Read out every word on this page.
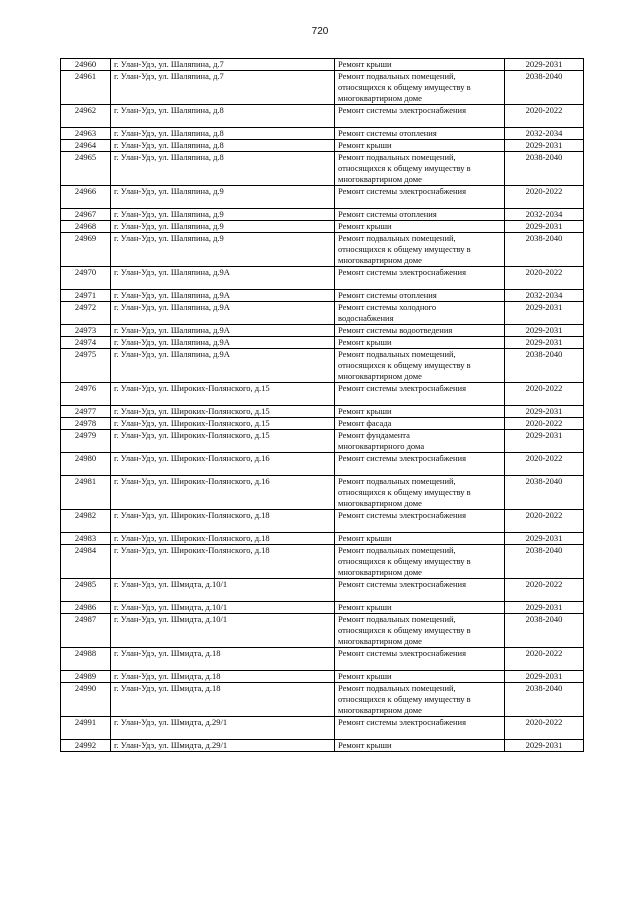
720
24960	г. Улан-Удэ, ул. Шаляпина, д.7	Ремонт крыши	2029-2031
24961	г. Улан-Удэ, ул. Шаляпина, д.7	Ремонт подвальных помещений,
относящихся к общему имуществу в
многоквартирном доме	2038-2040
24962	г. Улан-Удэ, ул. Шаляпина, д.8	Ремонт системы электроснабжения	2020-2022
24963	г. Улан-Удэ, ул. Шаляпина, д.8	Ремонт системы отопления	2032-2034
24964	г. Улан-Удэ, ул. Шаляпина, д.8	Ремонт крыши	2029-2031
24965	г. Улан-Удэ, ул. Шаляпина, д.8	Ремонт подвальных помещений,
относящихся к общему имуществу в
многоквартирном доме	2038-2040
24966	г. Улан-Удэ, ул. Шаляпина, д.9	Ремонт системы электроснабжения	2020-2022
24967	г. Улан-Удэ, ул. Шаляпина, д.9	Ремонт системы отопления	2032-2034
24968	г. Улан-Удэ, ул. Шаляпина, д.9	Ремонт крыши	2029-2031
24969	г. Улан-Удэ, ул. Шаляпина, д.9	Ремонт подвальных помещений,
относящихся к общему имуществу в
многоквартирном доме	2038-2040
24970	г. Улан-Удэ, ул. Шаляпина, д.9А	Ремонт системы электроснабжения	2020-2022
24971	г. Улан-Удэ, ул. Шаляпина, д.9А	Ремонт системы отопления	2032-2034
24972	г. Улан-Удэ, ул. Шаляпина, д.9А	Ремонт системы холодного
водоснабжения	2029-2031
24973	г. Улан-Удэ, ул. Шаляпина, д.9А	Ремонт системы водоотведения	2029-2031
24974	г. Улан-Удэ, ул. Шаляпина, д.9А	Ремонт крыши	2029-2031
24975	г. Улан-Удэ, ул. Шаляпина, д.9А	Ремонт подвальных помещений,
относящихся к общему имуществу в
многоквартирном доме	2038-2040
24976	г. Улан-Удэ, ул. Широких-Полянского, д.15	Ремонт системы электроснабжения	2020-2022
24977	г. Улан-Удэ, ул. Широких-Полянского, д.15	Ремонт крыши	2029-2031
24978	г. Улан-Удэ, ул. Широких-Полянского, д.15	Ремонт фасада	2020-2022
24979	г. Улан-Удэ, ул. Широких-Полянского, д.15	Ремонт фундамента
многоквартирного дома	2029-2031
24980	г. Улан-Удэ, ул. Широких-Полянского, д.16	Ремонт системы электроснабжения	2020-2022
24981	г. Улан-Удэ, ул. Широких-Полянского, д.16	Ремонт подвальных помещений,
относящихся к общему имуществу в
многоквартирном доме	2038-2040
24982	г. Улан-Удэ, ул. Широких-Полянского, д.18	Ремонт системы электроснабжения	2020-2022
24983	г. Улан-Удэ, ул. Широких-Полянского, д.18	Ремонт крыши	2029-2031
24984	г. Улан-Удэ, ул. Широких-Полянского, д.18	Ремонт подвальных помещений,
относящихся к общему имуществу в
многоквартирном доме	2038-2040
24985	г. Улан-Удэ, ул. Шмидта, д.10/1	Ремонт системы электроснабжения	2020-2022
24986	г. Улан-Удэ, ул. Шмидта, д.10/1	Ремонт крыши	2029-2031
24987	г. Улан-Удэ, ул. Шмидта, д.10/1	Ремонт подвальных помещений,
относящихся к общему имуществу в
многоквартирном доме	2038-2040
24988	г. Улан-Удэ, ул. Шмидта, д.18	Ремонт системы электроснабжения	2020-2022
24989	г. Улан-Удэ, ул. Шмидта, д.18	Ремонт крыши	2029-2031
24990	г. Улан-Удэ, ул. Шмидта, д.18	Ремонт подвальных помещений,
относящихся к общему имуществу в
многоквартирном доме	2038-2040
24991	г. Улан-Удэ, ул. Шмидта, д.29/1	Ремонт системы электроснабжения	2020-2022
24992	г. Улан-Удэ, ул. Шмидта, д.29/1	Ремонт крыши	2029-2031
